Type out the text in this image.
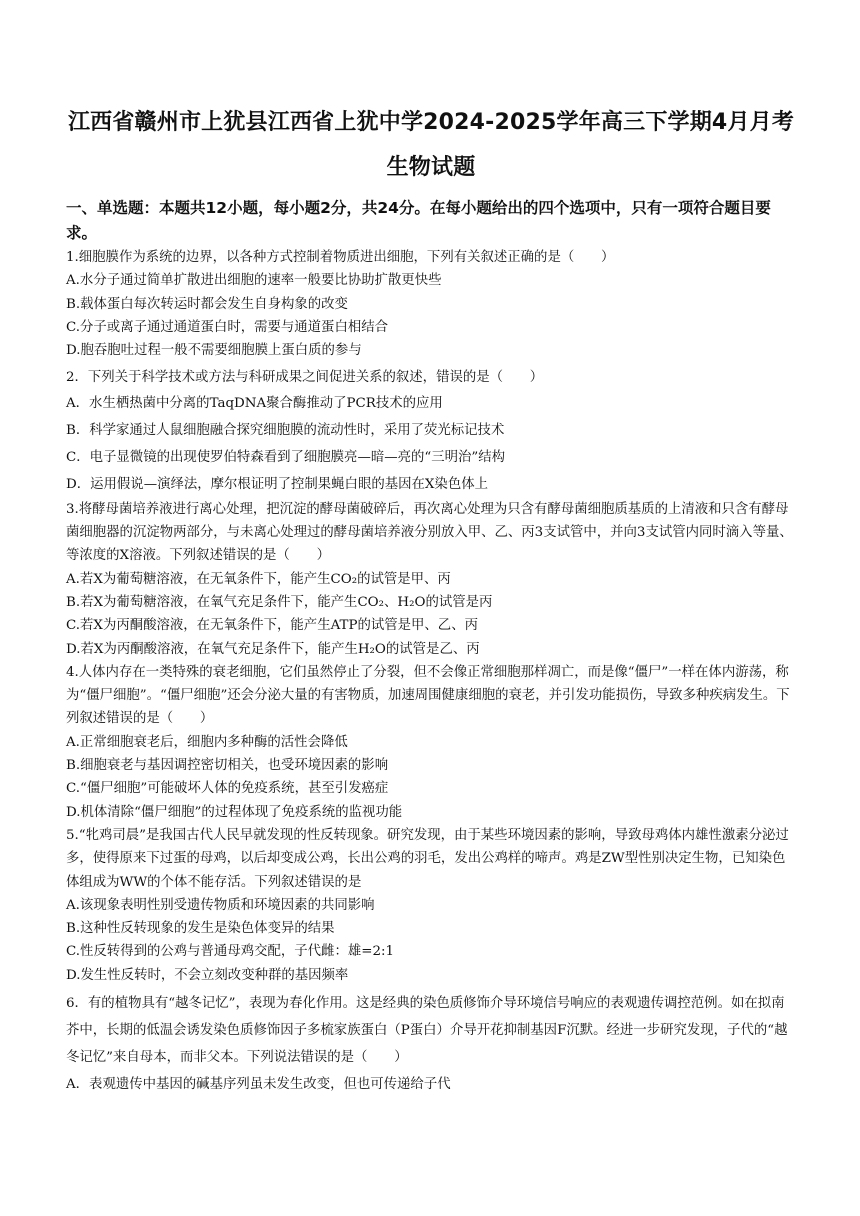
江西省赣州市上犹县江西省上犹中学2024-2025学年高三下学期4月月考生物试题
一、单选题：本题共12小题，每小题2分，共24分。在每小题给出的四个选项中，只有一项符合题目要求。
1.细胞膜作为系统的边界，以各种方式控制着物质进出细胞，下列有关叙述正确的是（　　）
A.水分子通过简单扩散进出细胞的速率一般要比协助扩散更快些
B.载体蛋白每次转运时都会发生自身构象的改变
C.分子或离子通过通道蛋白时，需要与通道蛋白相结合
D.胞吞胞吐过程一般不需要细胞膜上蛋白质的参与
2．下列关于科学技术或方法与科研成果之间促进关系的叙述，错误的是（　　）
A．水生栖热菌中分离的TaqDNA聚合酶推动了PCR技术的应用
B．科学家通过人鼠细胞融合探究细胞膜的流动性时，采用了荧光标记技术
C．电子显微镜的出现使罗伯特森看到了细胞膜亮—暗—亮的“三明治”结构
D．运用假说—演绎法，摩尔根证明了控制果蝇白眼的基因在X染色体上
3.将酵母菌培养液进行离心处理，把沉淀的酵母菌破碎后，再次离心处理为只含有酵母菌细胞质基质的上清液和只含有酵母菌细胞器的沉淀物两部分，与未离心处理过的酵母菌培养液分别放入甲、乙、丙3支试管中，并向3支试管内同时滴入等量、等浓度的X溶液。下列叙述错误的是（　　）
A.若X为葡萄糖溶液，在无氧条件下，能产生CO₂的试管是甲、丙
B.若X为葡萄糖溶液，在氧气充足条件下，能产生CO₂、H₂O的试管是丙
C.若X为丙酮酸溶液，在无氧条件下，能产生ATP的试管是甲、乙、丙
D.若X为丙酮酸溶液，在氧气充足条件下，能产生H₂O的试管是乙、丙
4.人体内存在一类特殊的衰老细胞，它们虽然停止了分裂，但不会像正常细胞那样凋亡，而是像“僵尸”一样在体内游荡，称为“僵尸细胞”。“僵尸细胞”还会分泌大量的有害物质，加速周围健康细胞的衰老，并引发功能损伤，导致多种疾病发生。下列叙述错误的是（　　）
A.正常细胞衰老后，细胞内多种酶的活性会降低
B.细胞衰老与基因调控密切相关，也受环境因素的影响
C.“僵尸细胞”可能破坏人体的免疫系统，甚至引发癌症
D.机体清除“僵尸细胞”的过程体现了免疫系统的监视功能
5.“牝鸡司晨”是我国古代人民早就发现的性反转现象。研究发现，由于某些环境因素的影响，导致母鸡体内雄性激素分泌过多，使得原来下过蛋的母鸡，以后却变成公鸡，长出公鸡的羽毛，发出公鸡样的啼声。鸡是ZW型性别决定生物，已知染色体组成为WW的个体不能存活。下列叙述错误的是
A.该现象表明性别受遗传物质和环境因素的共同影响
B.这种性反转现象的发生是染色体变异的结果
C.性反转得到的公鸡与普通母鸡交配，子代雌：雄=2:1
D.发生性反转时，不会立刻改变种群的基因频率
6．有的植物具有“越冬记忆”，表现为春化作用。这是经典的染色质修饰介导环境信号响应的表观遗传调控范例。如在拟南芥中，长期的低温会诱发染色质修饰因子多梳家族蛋白（P蛋白）介导开花抑制基因F沉默。经进一步研究发现，子代的“越冬记忆”来自母本，而非父本。下列说法错误的是（　　）
A．表观遗传中基因的碱基序列虽未发生改变，但也可传递给子代
